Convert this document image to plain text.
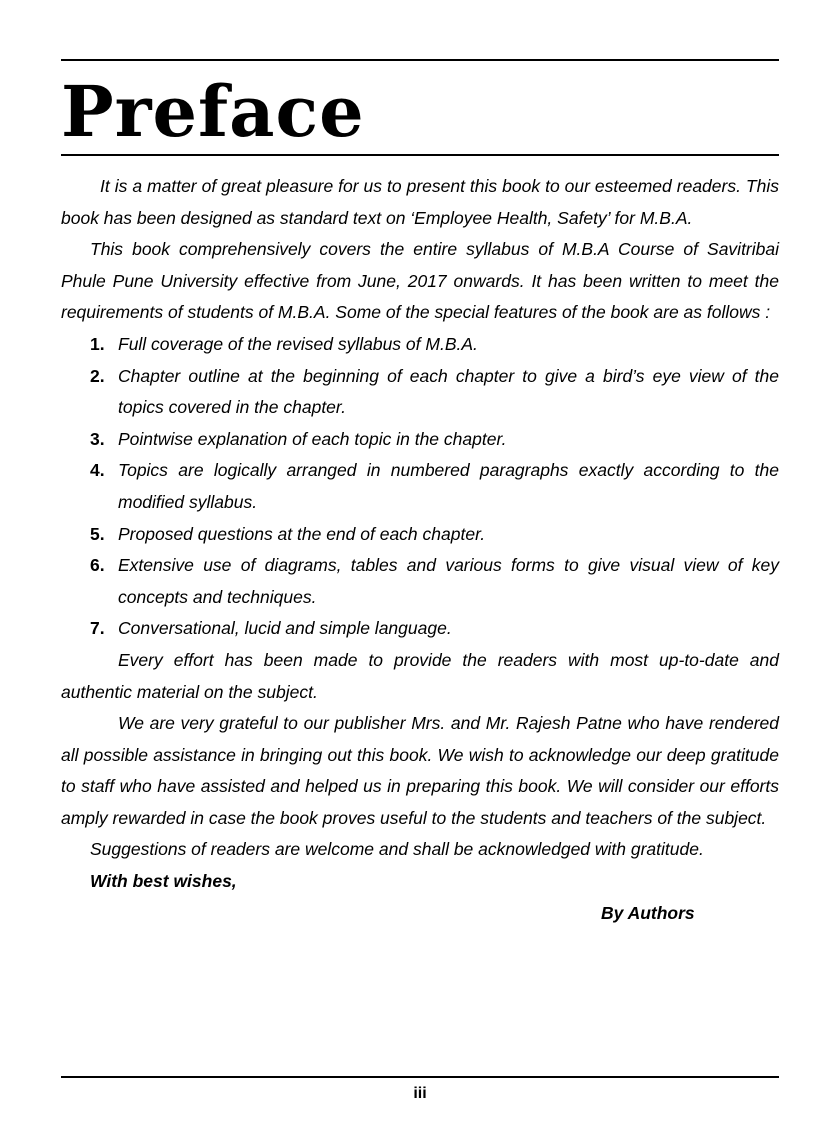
Preface

It is a matter of great pleasure for us to present this book to our esteemed readers. This book has been designed as standard text on ‘Employee Health, Safety’ for M.B.A.

This book comprehensively covers the entire syllabus of M.B.A Course of Savitribai Phule Pune University effective from June, 2017 onwards. It has been written to meet the requirements of students of M.B.A. Some of the special features of the book are as follows :

1. Full coverage of the revised syllabus of M.B.A.
2. Chapter outline at the beginning of each chapter to give a bird’s eye view of the topics covered in the chapter.
3. Pointwise explanation of each topic in the chapter.
4. Topics are logically arranged in numbered paragraphs exactly according to the modified syllabus.
5. Proposed questions at the end of each chapter.
6. Extensive use of diagrams, tables and various forms to give visual view of key concepts and techniques.
7. Conversational, lucid and simple language.

Every effort has been made to provide the readers with most up-to-date and authentic material on the subject.

We are very grateful to our publisher Mrs. and Mr. Rajesh Patne who have rendered all possible assistance in bringing out this book. We wish to acknowledge our deep gratitude to staff who have assisted and helped us in preparing this book. We will consider our efforts amply rewarded in case the book proves useful to the students and teachers of the subject.

Suggestions of readers are welcome and shall be acknowledged with gratitude.

With best wishes,

By Authors

iii
